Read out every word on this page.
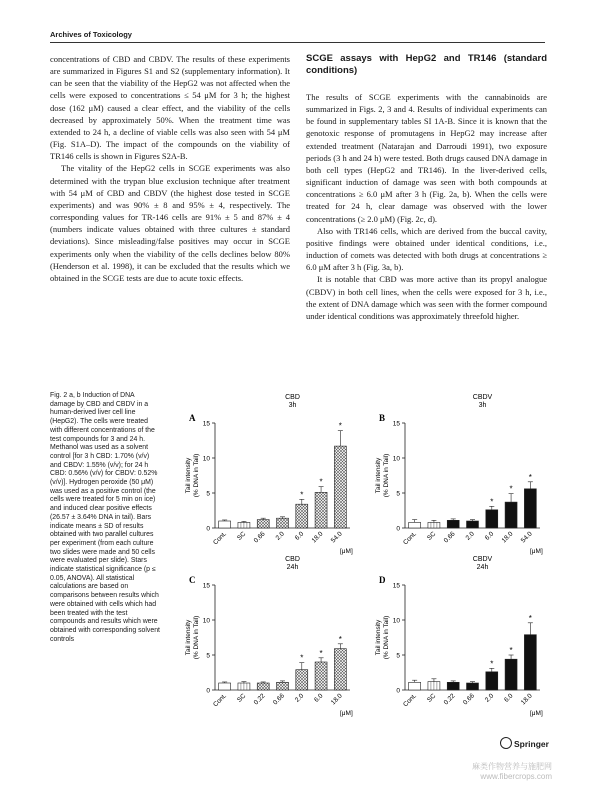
Archives of Toxicology

concentrations of CBD and CBDV. The results of these experiments are summarized in Figures S1 and S2 (supplementary information). It can be seen that the viability of the HepG2 was not affected when the cells were exposed to concentrations ≤ 54 μM for 3 h; the highest dose (162 μM) caused a clear effect, and the viability of the cells decreased by approximately 50%. When the treatment time was extended to 24 h, a decline of viable cells was also seen with 54 μM (Fig. S1A–D). The impact of the compounds on the viability of TR146 cells is shown in Figures S2A-B.

The vitality of the HepG2 cells in SCGE experiments was also determined with the trypan blue exclusion technique after treatment with 54 μM of CBD and CBDV (the highest dose tested in SCGE experiments) and was 90% ± 8 and 95% ± 4, respectively. The corresponding values for TR-146 cells are 91% ± 5 and 87% ± 4 (numbers indicate values obtained with three cultures ± standard deviations). Since misleading/false positives may occur in SCGE experiments only when the viability of the cells declines below 80% (Henderson et al. 1998), it can be excluded that the results which we obtained in the SCGE tests are due to acute toxic effects.

SCGE assays with HepG2 and TR146 (standard conditions)

The results of SCGE experiments with the cannabinoids are summarized in Figs. 2, 3 and 4. Results of individual experiments can be found in supplementary tables SI 1A-B. Since it is known that the genotoxic response of promutagens in HepG2 may increase after extended treatment (Natarajan and Darroudi 1991), two exposure periods (3 h and 24 h) were tested. Both drugs caused DNA damage in both cell types (HepG2 and TR146). In the liver-derived cells, significant induction of damage was seen with both compounds at concentrations ≥ 6.0 μM after 3 h (Fig. 2a, b). When the cells were treated for 24 h, clear damage was observed with the lower concentrations (≥ 2.0 μM) (Fig. 2c, d).

Also with TR146 cells, which are derived from the buccal cavity, positive findings were obtained under identical conditions, i.e., induction of comets was detected with both drugs at concentrations ≥ 6.0 μM after 3 h (Fig. 3a, b).

It is notable that CBD was more active than its propyl analogue (CBDV) in both cell lines, when the cells were exposed for 3 h, i.e., the extent of DNA damage which was seen with the former compound under identical conditions was approximately threefold higher.

Fig. 2 a, b Induction of DNA damage by CBD and CBDV in a human-derived liver cell line (HepG2). The cells were treated with different concentrations of the test compounds for 3 and 24 h. Methanol was used as a solvent control [for 3 h CBD: 1.70% (v/v) and CBDV: 1.55% (v/v); for 24 h CBD: 0.56% (v/v) for CBDV: 0.52% (v/v)]. Hydrogen peroxide (50 μM) was used as a positive control (the cells were treated for 5 min on ice) and induced clear positive effects (26.57 ± 3.64% DNA in tail). Bars indicate means ± SD of results obtained with two parallel cultures per experiment (from each culture two slides were made and 50 cells were evaluated per slide). Stars indicate statistical significance (p ≤ 0.05, ANOVA). All statistical calculations are based on comparisons between results which were obtained with cells which had been treated with the test compounds and results which were obtained with corresponding solvent controls
CBD
3h
A
Tail intensity (% DNA in Tail)
0
5
10
15
Cont. SC 0.66 2.0
*
6.0
*
18.0
*
54.0
[μM]
CBDV
3h
B
Tail intensity (% DNA in Tail)
0
5
10
15
Cont. SC 0.66 2.0
*
6.0
*
18.0
*
54.0
[μM]
CBD
24h
C
Tail intensity (% DNA in Tail)
0
5
10
15
Cont. SC 0.22 0.66
*
2.0
*
6.0
*
18.0
[μM]
CBDV
24h
D
Tail intensity (% DNA in Tail)
0
5
10
15
Cont. SC 0.22 0.66
*
2.0
*
6.0
*
18.0
[μM]
Springer
麻类作物营养与施肥网
www.fibercrops.com
